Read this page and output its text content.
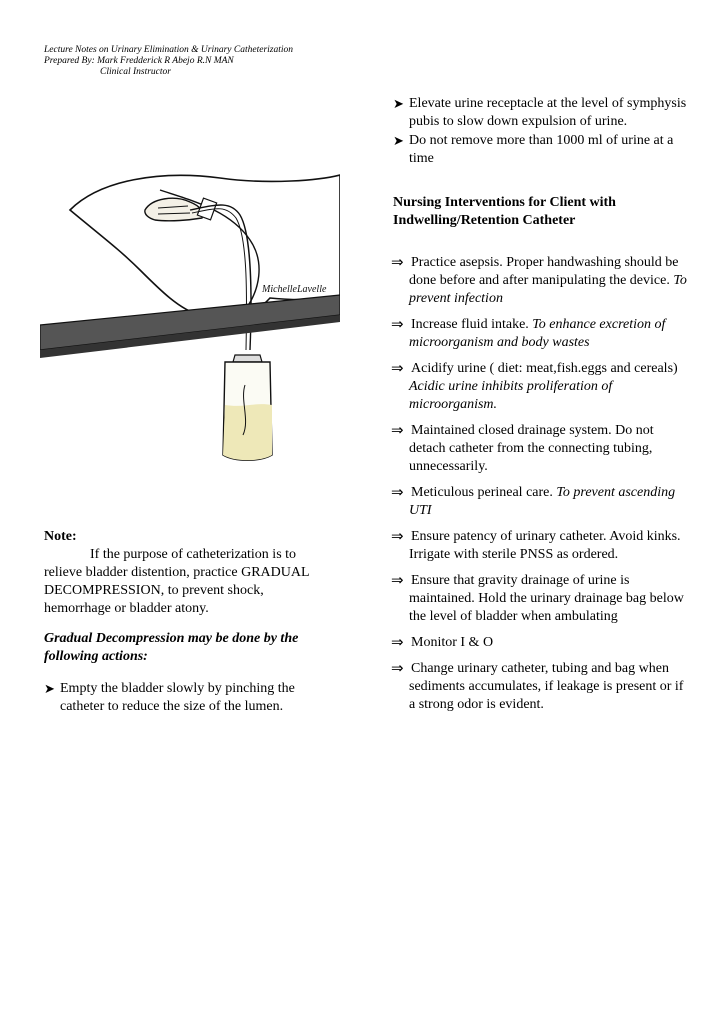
Lecture Notes on Urinary Elimination & Urinary Catheterization
Prepared By: Mark Fredderick R Abejo R.N MAN
Clinical Instructor
MichelleLavelle
Note:

If the purpose of catheterization is to relieve bladder distention, practice GRADUAL DECOMPRESSION, to prevent shock, hemorrhage or bladder atony.

Gradual Decompression may be done by the following actions:

➤ Empty the bladder slowly by pinching the catheter to reduce the size of the lumen.
➤ Elevate urine receptacle at the level of symphysis pubis to slow down expulsion of urine.
➤ Do not remove more than 1000 ml of urine at a time
Nursing Interventions for Client with Indwelling/Retention Catheter
⇒ Practice asepsis. Proper handwashing should be done before and after manipulating the device. To prevent infection
⇒ Increase fluid intake. To enhance excretion of microorganism and body wastes
⇒ Acidify urine ( diet: meat,fish.eggs and cereals) Acidic urine inhibits proliferation of microorganism.
⇒ Maintained closed drainage system. Do not detach catheter from the connecting tubing, unnecessarily.
⇒ Meticulous perineal care. To prevent ascending UTI
⇒ Ensure patency of urinary catheter. Avoid kinks. Irrigate with sterile PNSS as ordered.
⇒ Ensure that gravity drainage of urine is maintained. Hold the urinary drainage bag below the level of bladder when ambulating
⇒ Monitor I & O
⇒ Change urinary catheter, tubing and bag when sediments accumulates, if leakage is present or if a strong odor is evident.
